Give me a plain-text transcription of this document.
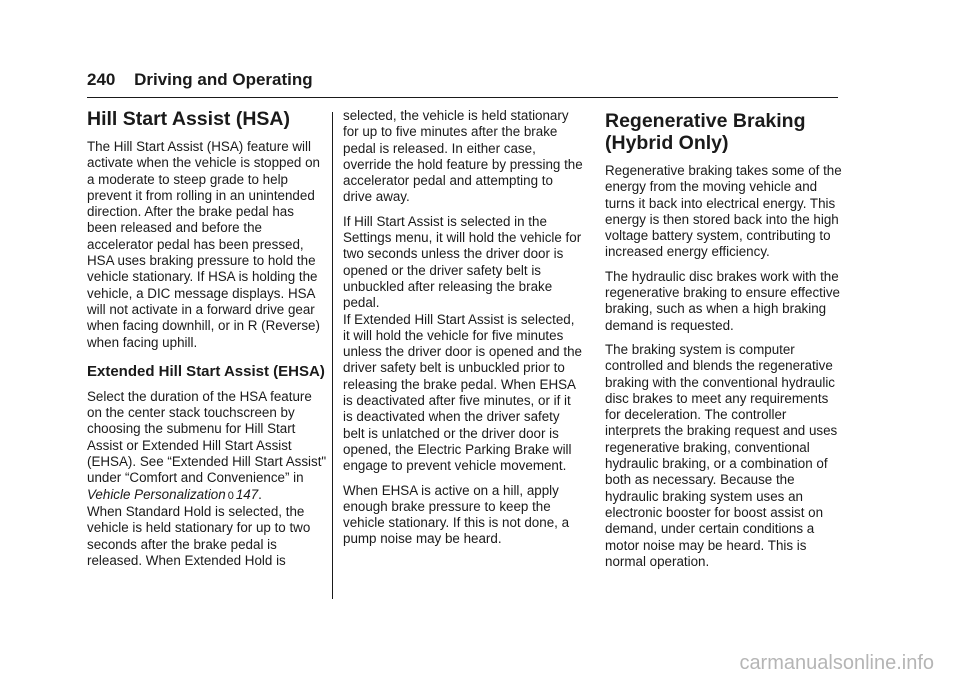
240 Driving and Operating
Hill Start Assist (HSA)

The Hill Start Assist (HSA) feature will activate when the vehicle is stopped on a moderate to steep grade to help prevent it from rolling in an unintended direction. After the brake pedal has been released and before the accelerator pedal has been pressed, HSA uses braking pressure to hold the vehicle stationary. If HSA is holding the vehicle, a DIC message displays. HSA will not activate in a forward drive gear when facing downhill, or in R (Reverse) when facing uphill.

Extended Hill Start Assist (EHSA)

Select the duration of the HSA feature on the center stack touchscreen by choosing the submenu for Hill Start Assist or Extended Hill Start Assist (EHSA). See “Extended Hill Start Assist" under “Comfort and Convenience” in Vehicle Personalization 0 147.

When Standard Hold is selected, the vehicle is held stationary for up to two seconds after the brake pedal is released. When Extended Hold is

selected, the vehicle is held stationary for up to five minutes after the brake pedal is released. In either case, override the hold feature by pressing the accelerator pedal and attempting to drive away.

If Hill Start Assist is selected in the Settings menu, it will hold the vehicle for two seconds unless the driver door is opened or the driver safety belt is unbuckled after releasing the brake pedal.

If Extended Hill Start Assist is selected, it will hold the vehicle for five minutes unless the driver door is opened and the driver safety belt is unbuckled prior to releasing the brake pedal. When EHSA is deactivated after five minutes, or if it is deactivated when the driver safety belt is unlatched or the driver door is opened, the Electric Parking Brake will engage to prevent vehicle movement.

When EHSA is active on a hill, apply enough brake pressure to keep the vehicle stationary. If this is not done, a pump noise may be heard.

Regenerative Braking (Hybrid Only)

Regenerative braking takes some of the energy from the moving vehicle and turns it back into electrical energy. This energy is then stored back into the high voltage battery system, contributing to increased energy efficiency.

The hydraulic disc brakes work with the regenerative braking to ensure effective braking, such as when a high braking demand is requested.

The braking system is computer controlled and blends the regenerative braking with the conventional hydraulic disc brakes to meet any requirements for deceleration. The controller interprets the braking request and uses regenerative braking, conventional hydraulic braking, or a combination of both as necessary. Because the hydraulic braking system uses an electronic booster for boost assist on demand, under certain conditions a motor noise may be heard. This is normal operation.

carmanualsonline.info
